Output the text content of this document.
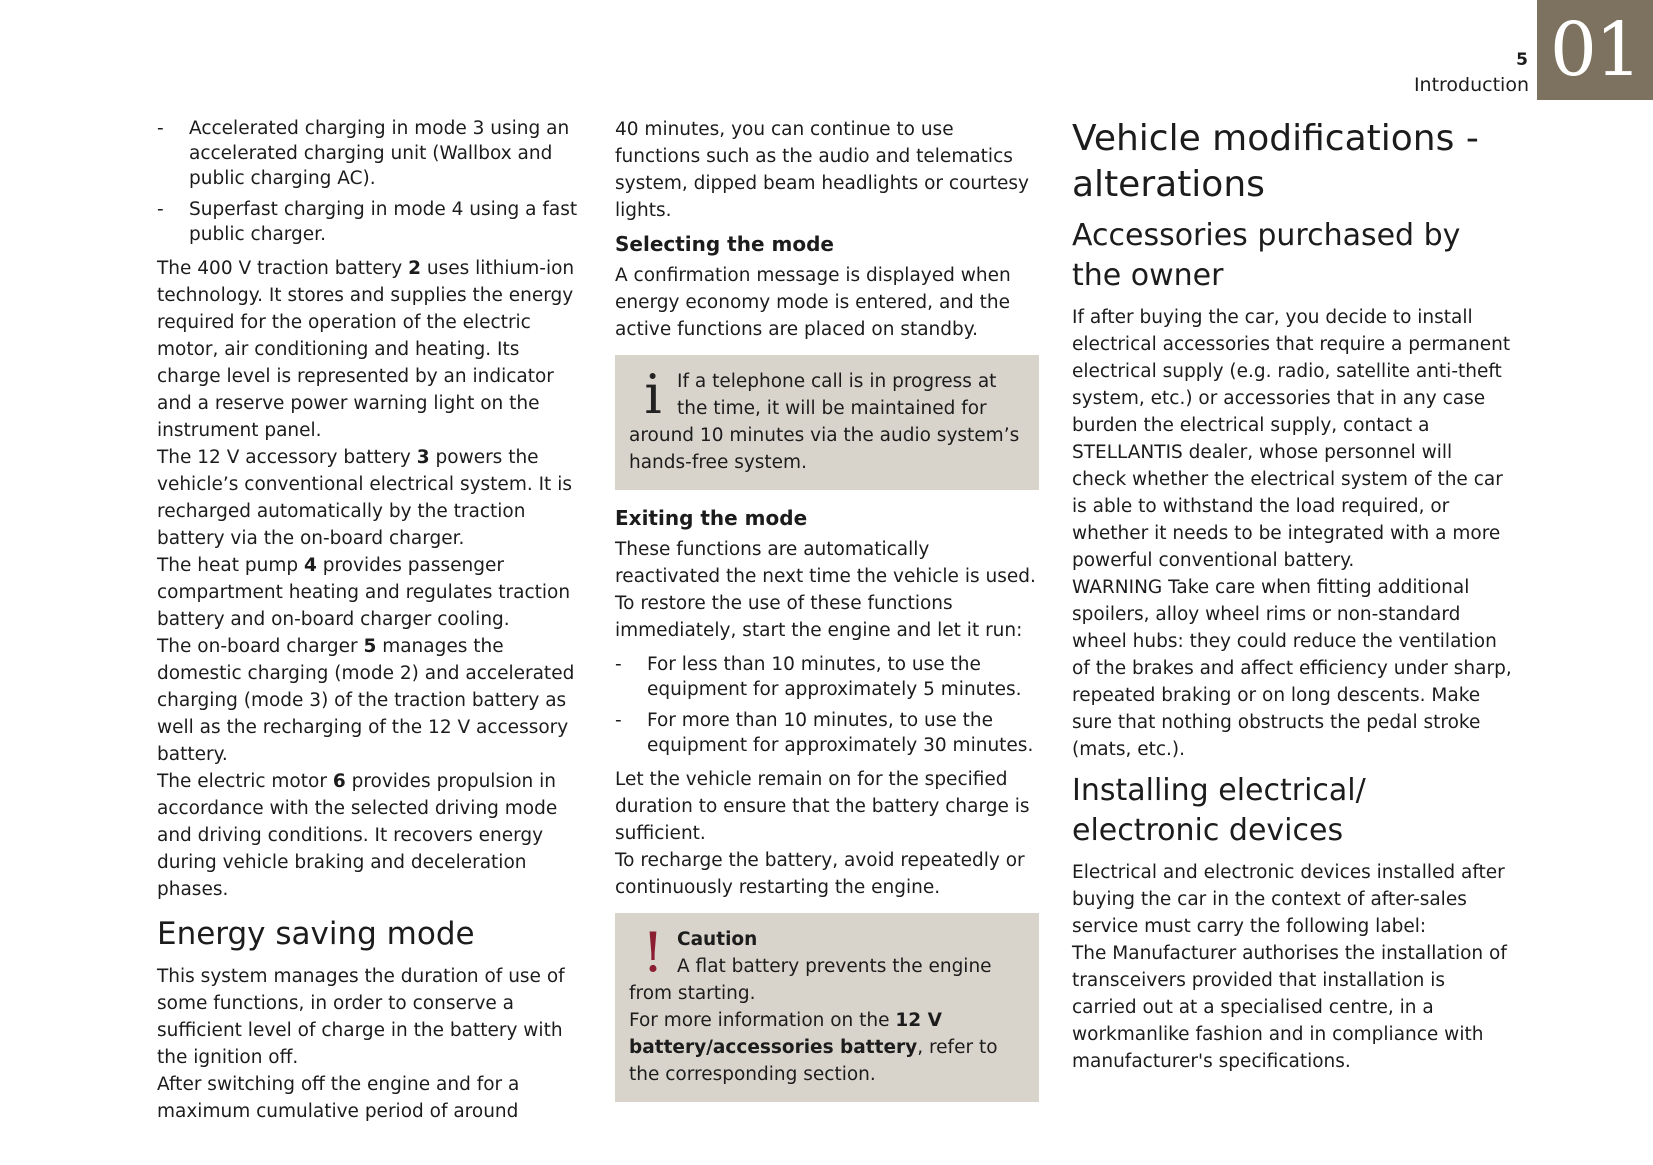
5
Introduction 01
- Accelerated charging in mode 3 using an accelerated charging unit (Wallbox and public charging AC).
- Superfast charging in mode 4 using a fast public charger.

The 400 V traction battery 2 uses lithium-ion technology. It stores and supplies the energy required for the operation of the electric motor, air conditioning and heating. Its charge level is represented by an indicator and a reserve power warning light on the instrument panel.

The 12 V accessory battery 3 powers the vehicle’s conventional electrical system. It is recharged automatically by the traction battery via the on-board charger.

The heat pump 4 provides passenger compartment heating and regulates traction battery and on-board charger cooling.

The on-board charger 5 manages the domestic charging (mode 2) and accelerated charging (mode 3) of the traction battery as well as the recharging of the 12 V accessory battery.

The electric motor 6 provides propulsion in accordance with the selected driving mode and driving conditions. It recovers energy during vehicle braking and deceleration phases.

Energy saving mode

This system manages the duration of use of some functions, in order to conserve a sufficient level of charge in the battery with the ignition off.

After switching off the engine and for a maximum cumulative period of around

40 minutes, you can continue to use functions such as the audio and telematics system, dipped beam headlights or courtesy lights.

Selecting the mode

A confirmation message is displayed when energy economy mode is entered, and the active functions are placed on standby.

i If a telephone call is in progress at the time, it will be maintained for around 10 minutes via the audio system’s hands-free system.
Exiting the mode

These functions are automatically reactivated the next time the vehicle is used.

To restore the use of these functions immediately, start the engine and let it run:

- For less than 10 minutes, to use the equipment for approximately 5 minutes.
- For more than 10 minutes, to use the equipment for approximately 30 minutes.

Let the vehicle remain on for the specified duration to ensure that the battery charge is sufficient.

To recharge the battery, avoid repeatedly or continuously restarting the engine.

! Caution
A flat battery prevents the engine from starting.
For more information on the 12 V battery/accessories battery, refer to the corresponding section.
Vehicle modifications - alterations
Accessories purchased by the owner

If after buying the car, you decide to install electrical accessories that require a permanent electrical supply (e.g. radio, satellite anti-theft system, etc.) or accessories that in any case burden the electrical supply, contact a STELLANTIS dealer, whose personnel will check whether the electrical system of the car is able to withstand the load required, or whether it needs to be integrated with a more powerful conventional battery.

WARNING Take care when fitting additional spoilers, alloy wheel rims or non-standard wheel hubs: they could reduce the ventilation of the brakes and affect efficiency under sharp, repeated braking or on long descents. Make sure that nothing obstructs the pedal stroke (mats, etc.).

Installing electrical/ electronic devices

Electrical and electronic devices installed after buying the car in the context of after-sales service must carry the following label:

The Manufacturer authorises the installation of transceivers provided that installation is carried out at a specialised centre, in a workmanlike fashion and in compliance with manufacturer's specifications.
